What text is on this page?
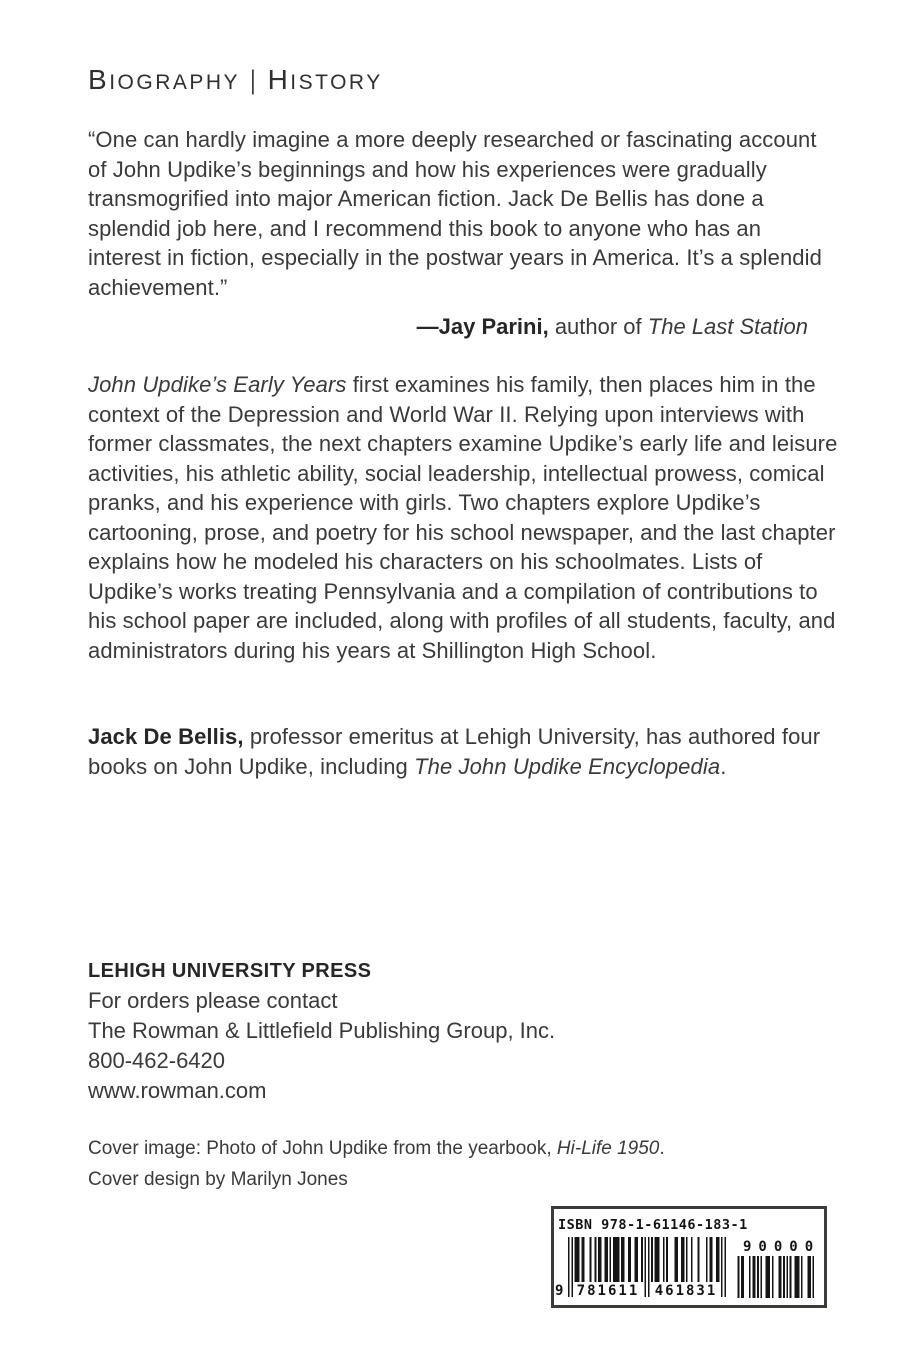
BIOGRAPHY | HISTORY

“One can hardly imagine a more deeply researched or fascinating account of John Updike’s beginnings and how his experiences were gradually transmogrified into major American fiction. Jack De Bellis has done a splendid job here, and I recommend this book to anyone who has an interest in fiction, especially in the postwar years in America. It’s a splendid achievement.”

—Jay Parini, author of The Last Station

John Updike’s Early Years first examines his family, then places him in the context of the Depression and World War II. Relying upon interviews with former classmates, the next chapters examine Updike’s early life and leisure activities, his athletic ability, social leadership, intellectual prowess, comical pranks, and his experience with girls. Two chapters explore Updike’s cartooning, prose, and poetry for his school newspaper, and the last chapter explains how he modeled his characters on his schoolmates. Lists of Updike’s works treating Pennsylvania and a compilation of contributions to his school paper are included, along with profiles of all students, faculty, and administrators during his years at Shillington High School.

Jack De Bellis, professor emeritus at Lehigh University, has authored four books on John Updike, including The John Updike Encyclopedia.

LEHIGH UNIVERSITY PRESS

For orders please contact

The Rowman & Littlefield Publishing Group, Inc.

800-462-6420

www.rowman.com

Cover image: Photo of John Updike from the yearbook, Hi-Life 1950.

Cover design by Marilyn Jones

ISBN 978-1-61146-183-1
9 781611 461831
90000
